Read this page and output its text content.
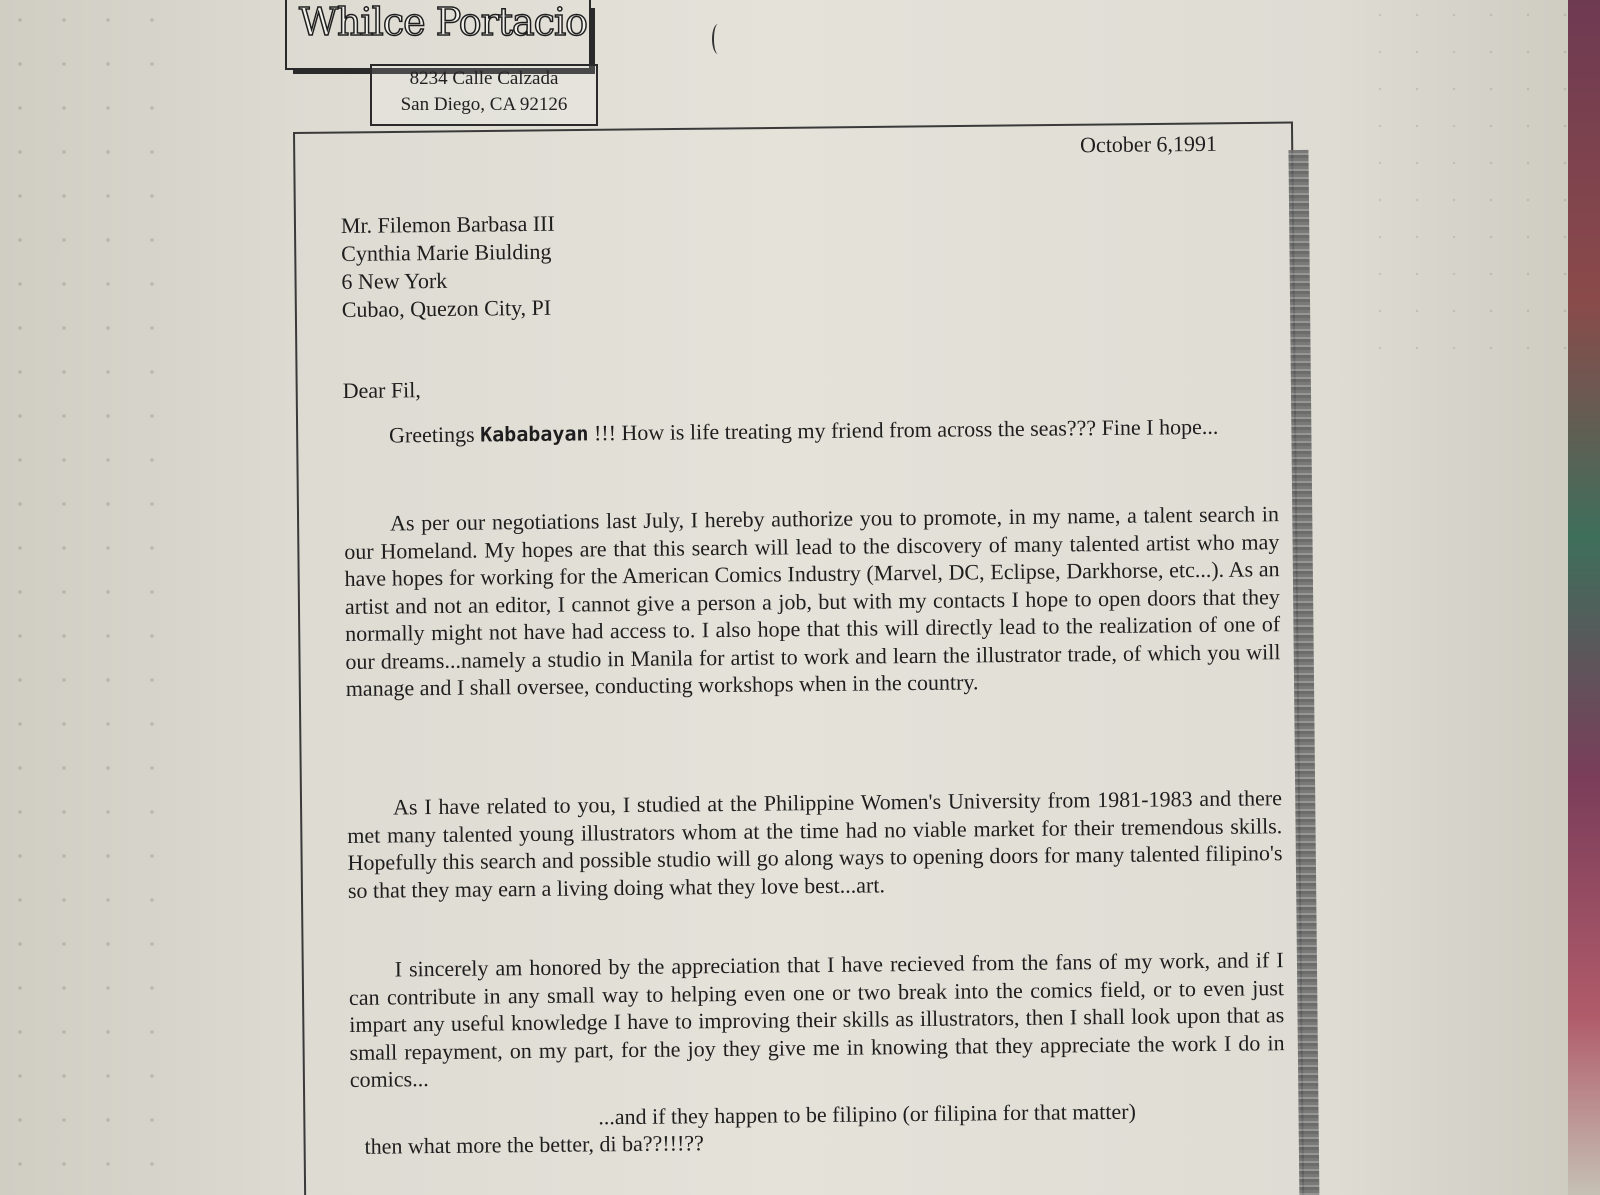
Whilce Portacio
8234 Calle Calzada
San Diego, CA 92126
October 6,1991
Mr. Filemon Barbasa III
Cynthia Marie Biulding
6 New York
Cubao, Quezon City, PI
Dear Fil,
Greetings Kababayan !!! How is life treating my friend from across the seas??? Fine I hope...
As per our negotiations last July, I hereby authorize you to promote, in my name, a talent search in our Homeland. My hopes are that this search will lead to the discovery of many talented artist who may have hopes for working for the American Comics Industry (Marvel, DC, Eclipse, Darkhorse, etc...). As an artist and not an editor, I cannot give a person a job, but with my contacts I hope to open doors that they normally might not have had access to. I also hope that this will directly lead to the realization of one of our dreams...namely a studio in Manila for artist to work and learn the illustrator trade, of which you will manage and I shall oversee, conducting workshops when in the country.
As I have related to you, I studied at the Philippine Women's University from 1981-1983 and there met many talented young illustrators whom at the time had no viable market for their tremendous skills. Hopefully this search and possible studio will go along ways to opening doors for many talented filipino's so that they may earn a living doing what they love best...art.
I sincerely am honored by the appreciation that I have recieved from the fans of my work, and if I can contribute in any small way to helping even one or two break into the comics field, or to even just impart any useful knowledge I have to improving their skills as illustrators, then I shall look upon that as small repayment, on my part, for the joy they give me in knowing that they appreciate the work I do in comics...
...and if they happen to be filipino (or filipina for that matter)
then what more the better, di ba??!!!??
